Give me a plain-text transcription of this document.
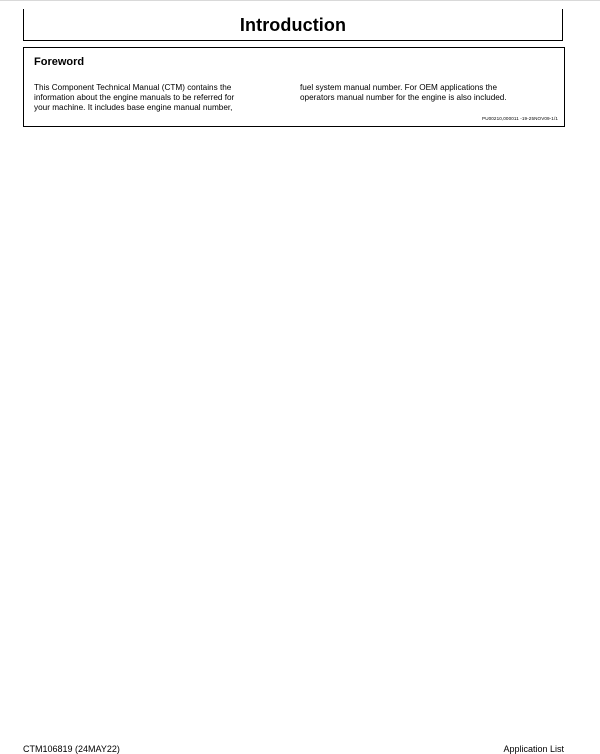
Introduction
Foreword
This Component Technical Manual (CTM) contains the
information about the engine manuals to be referred for
your machine. It includes base engine manual number,
fuel system manual number. For OEM applications the
operators manual number for the engine is also included.
PU00210,000011 -19-25NOV09-1/1
CTM106819 (24MAY22)	Application List
